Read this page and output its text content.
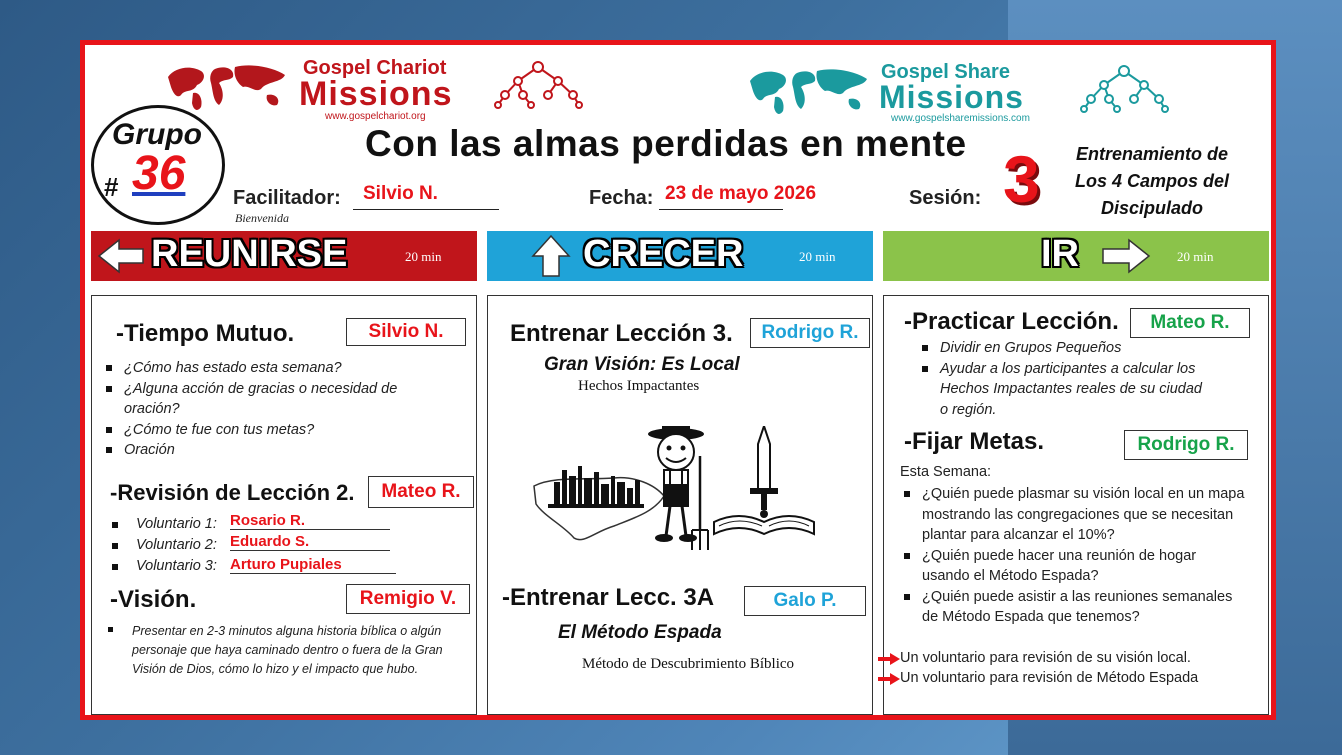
Gospel Chariot
Missions
www.gospelchariot.org
Gospel Share
Missions
www.gospelsharemissions.com
Grupo
# 36
Con las almas perdidas en mente
Facilitador: Silvio N.
Bienvenida
Fecha: 23 de mayo 2026	Sesión: 3	Entrenamiento de
Los 4 Campos del
Discipulado
REUNIRSE	20 min	CRECER	20 min	IR	20 min
-Tiempo Mutuo.	Silvio N.
¿Cómo has estado esta semana?
¿Alguna acción de gracias o necesidad de oración?
¿Cómo te fue con tus metas?
Oración
-Revisión de Lección 2.	Mateo R.
Voluntario 1: Rosario R.
Voluntario 2: Eduardo S.
Voluntario 3: Arturo Pupiales
-Visión.	Remigio V.
Presentar en 2-3 minutos alguna historia bíblica o algún personaje que haya caminado dentro o fuera de la Gran Visión de Dios, cómo lo hizo y el impacto que hubo.
Entrenar Lección 3.	Rodrigo R.
Gran Visión: Es Local
Hechos Impactantes
-Entrenar Lecc. 3A	Galo P.
El Método Espada
Método de Descubrimiento Bíblico
-Practicar Lección.	Mateo R.
Dividir en Grupos Pequeños
Ayudar a los participantes a calcular los Hechos Impactantes reales de su ciudad o región.
-Fijar Metas.	Rodrigo R.
Esta Semana:
¿Quién puede plasmar su visión local en un mapa mostrando las congregaciones que se necesitan plantar para alcanzar el 10%?
¿Quién puede hacer una reunión de hogar usando el Método Espada?
¿Quién puede asistir a las reuniones semanales de Método Espada que tenemos?
Un voluntario para revisión de su visión local.
Un voluntario para revisión de Método Espada
